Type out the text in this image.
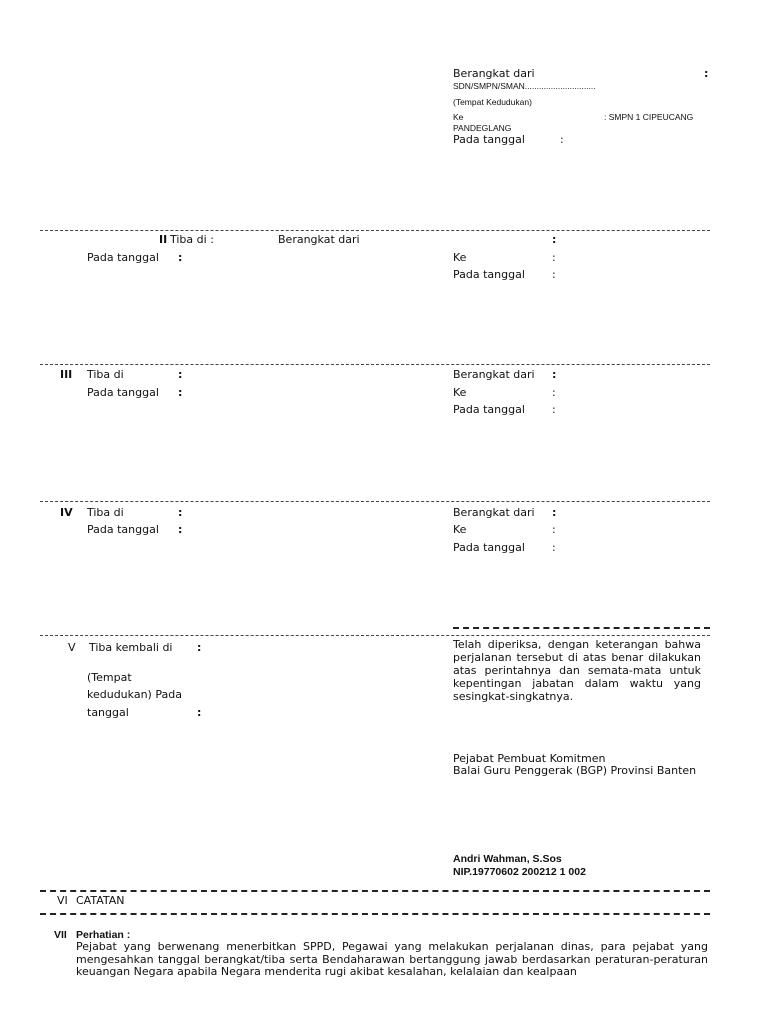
Berangkat dari	:
SDN/SMPN/SMAN..............................
(Tempat Kedudukan)
Ke	: SMPN 1 CIPEUCANG
PANDEGLANG
Pada tanggal	:
II Tiba di :	Berangkat dari	:
Pada tanggal :	Ke	:
Pada tanggal :
III Tiba di	:
Pada tanggal :
Berangkat dari :
Ke	:
Pada tanggal :
IV Tiba di	:
Pada tanggal :
Berangkat dari :
Ke	:
Pada tanggal :
V Tiba kembali di :
(Tempat
kedudukan) Pada
tanggal	:
Telah diperiksa, dengan keterangan bahwa perjalanan tersebut di atas benar dilakukan atas perintahnya dan semata-mata untuk kepentingan jabatan dalam waktu yang sesingkat-singkatnya.
Pejabat Pembuat Komitmen
Balai Guru Penggerak (BGP) Provinsi Banten
Andri Wahman, S.Sos
NIP.19770602 200212 1 002
VI CATATAN
VII Perhatian :
Pejabat yang berwenang menerbitkan SPPD, Pegawai yang melakukan perjalanan dinas, para pejabat yang mengesahkan tanggal berangkat/tiba serta Bendaharawan bertanggung jawab berdasarkan peraturan-peraturan keuangan Negara apabila Negara menderita rugi akibat kesalahan, kelalaian dan kealpaan
